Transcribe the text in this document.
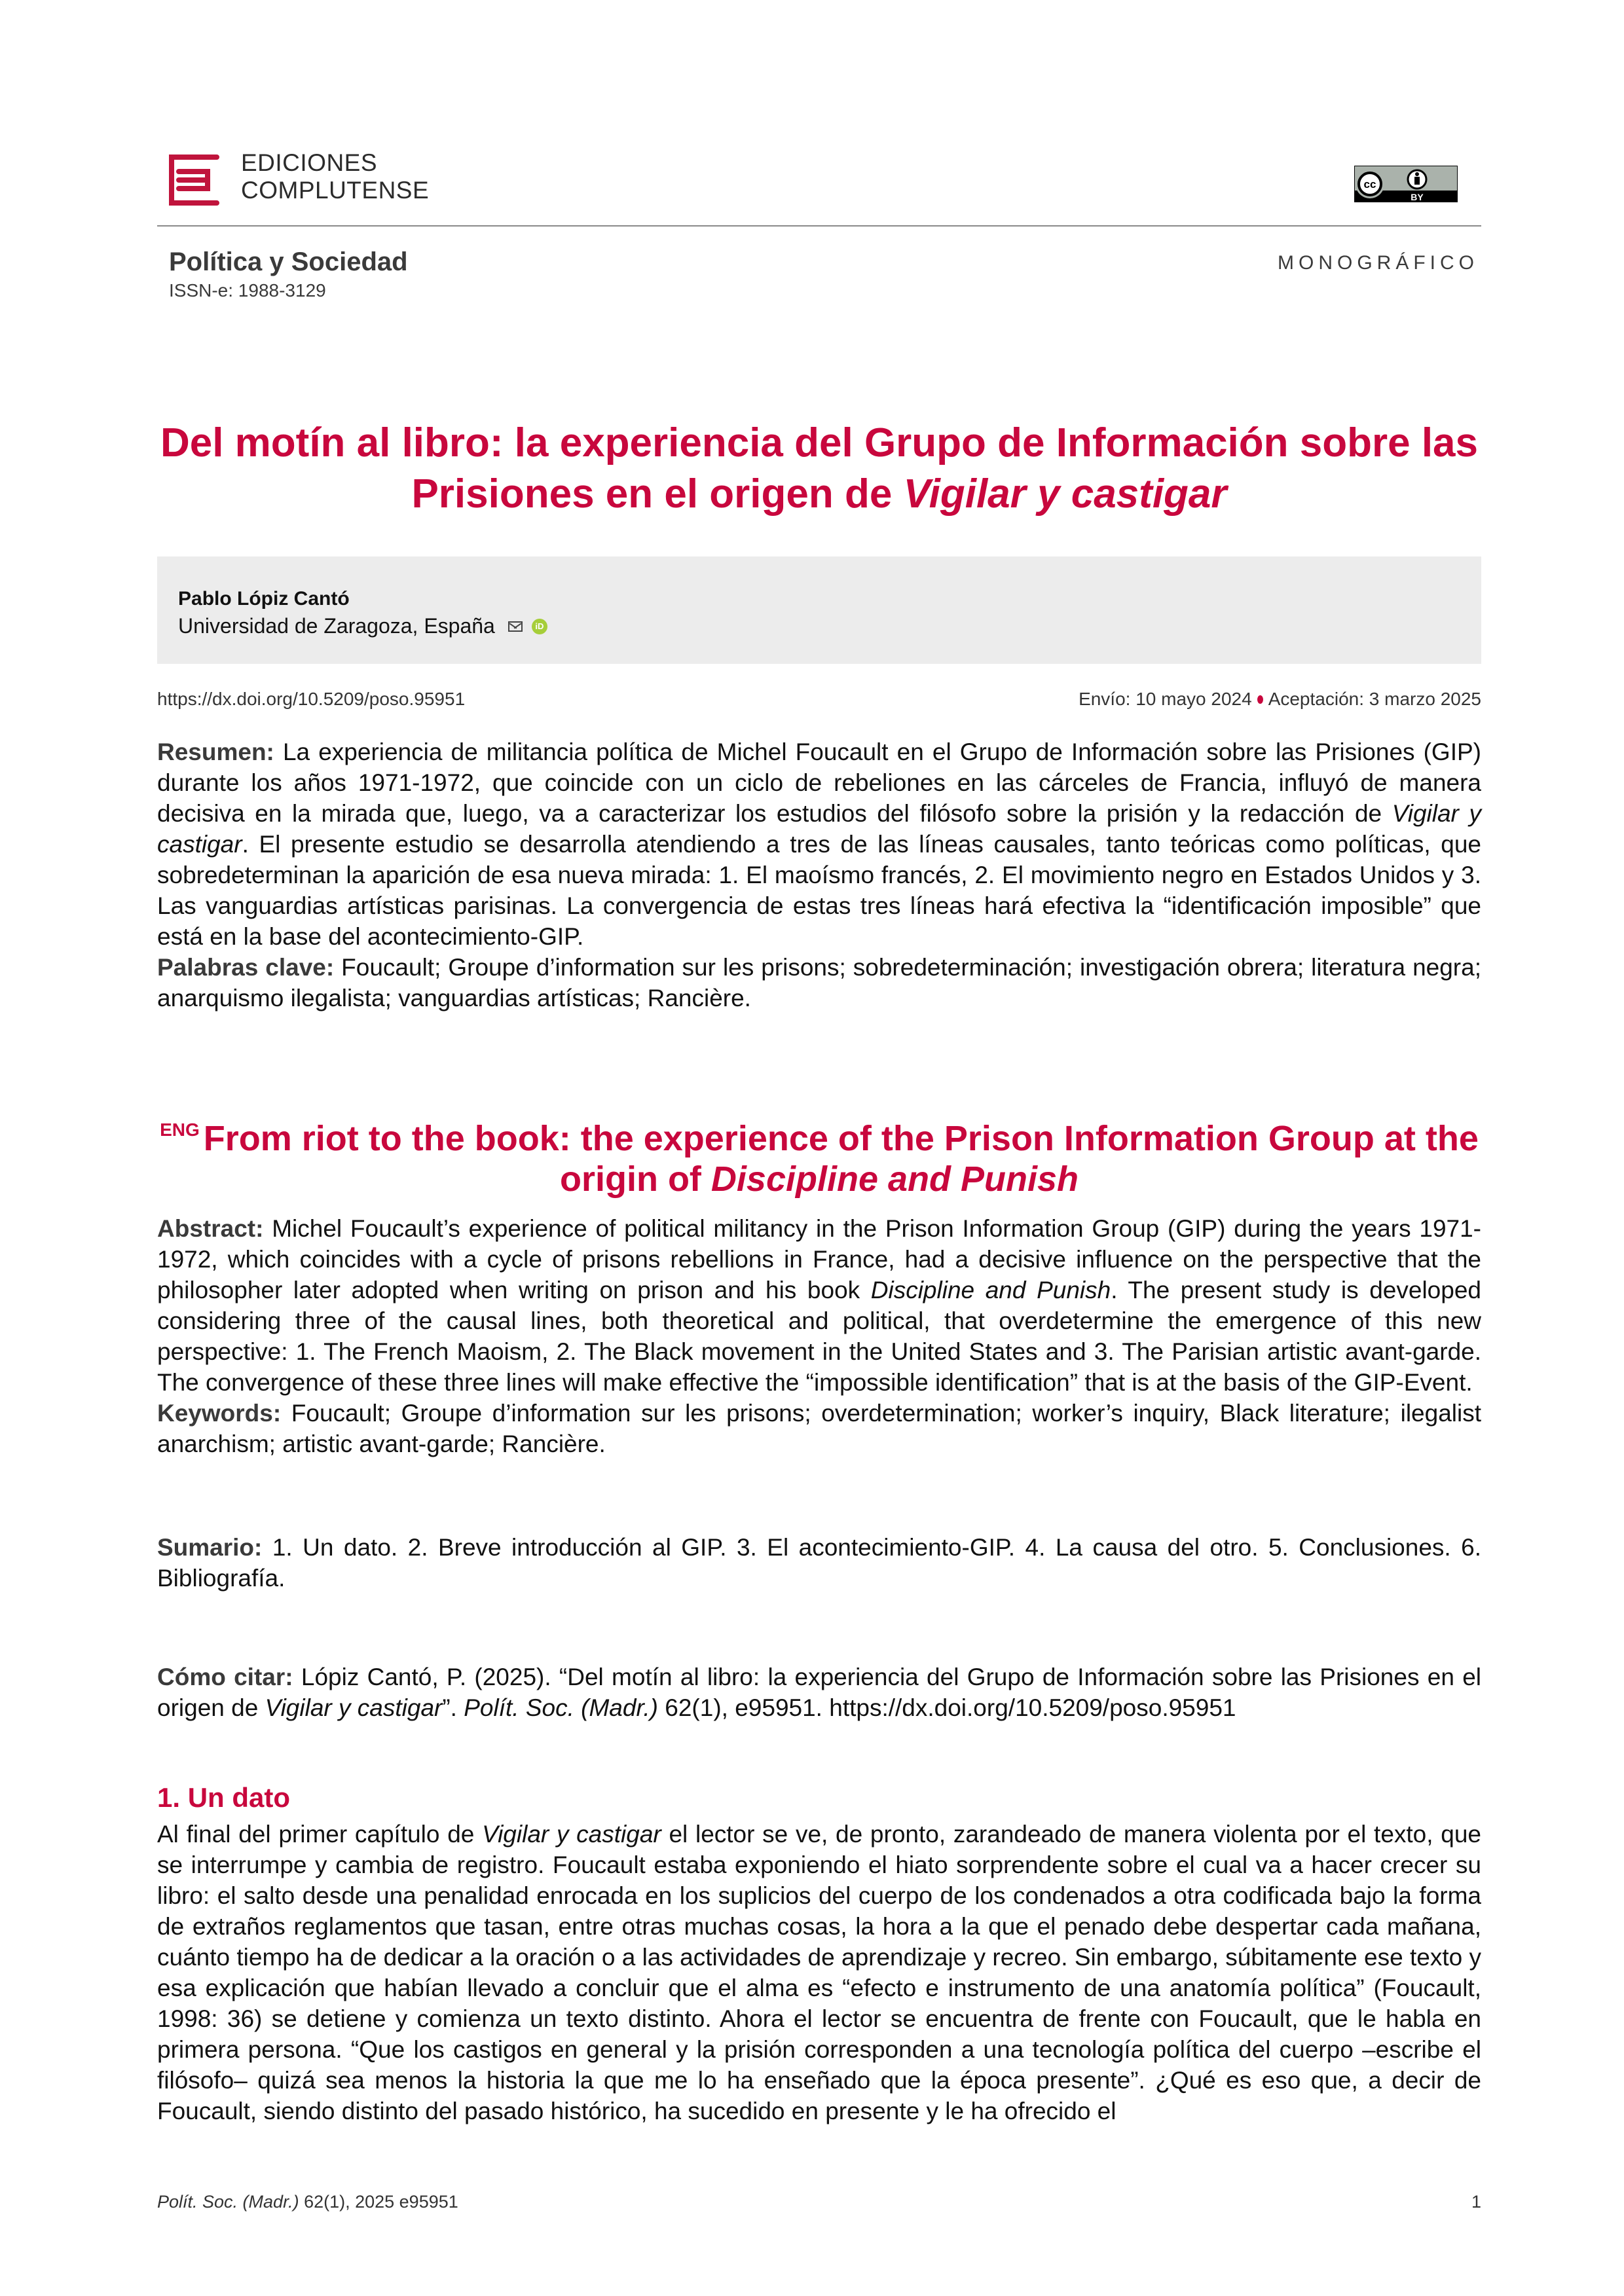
EDICIONES
COMPLUTENSE	cc
BY
Política y Sociedad
ISSN-e: 1988-3129
MONOGRÁFICO
Del motín al libro: la experiencia del Grupo de Información sobre las Prisiones en el origen de Vigilar y castigar
Pablo Lópiz Cantó
Universidad de Zaragoza, España	iD
https://dx.doi.org/10.5209/poso.95951	Envío: 10 mayo 2024 Aceptación: 3 marzo 2025
Resumen: La experiencia de militancia política de Michel Foucault en el Grupo de Información sobre las Prisiones (GIP) durante los años 1971-1972, que coincide con un ciclo de rebeliones en las cárceles de Francia, influyó de manera decisiva en la mirada que, luego, va a caracterizar los estudios del filósofo sobre la prisión y la redacción de Vigilar y castigar. El presente estudio se desarrolla atendiendo a tres de las líneas causales, tanto teóricas como políticas, que sobredeterminan la aparición de esa nueva mirada: 1. El maoísmo francés, 2. El movimiento negro en Estados Unidos y 3. Las vanguardias artísticas parisinas. La convergencia de estas tres líneas hará efectiva la “identificación imposible” que está en la base del acontecimiento-GIP.
Palabras clave: Foucault; Groupe d’information sur les prisons; sobredeterminación; investigación obrera; literatura negra; anarquismo ilegalista; vanguardias artísticas; Rancière.
$^{ENG}$ From riot to the book: the experience of the Prison Information Group at the origin of Discipline and Punish
Abstract: Michel Foucault’s experience of political militancy in the Prison Information Group (GIP) during the years 1971-1972, which coincides with a cycle of prisons rebellions in France, had a decisive influence on the perspective that the philosopher later adopted when writing on prison and his book Discipline and Punish. The present study is developed considering three of the causal lines, both theoretical and political, that overdetermine the emergence of this new perspective: 1. The French Maoism, 2. The Black movement in the United States and 3. The Parisian artistic avant-garde. The convergence of these three lines will make effective the “impossible identification” that is at the basis of the GIP-Event.
Keywords: Foucault; Groupe d’information sur les prisons; overdetermination; worker’s inquiry, Black literature; ilegalist anarchism; artistic avant-garde; Rancière.
Sumario: 1. Un dato. 2. Breve introducción al GIP. 3. El acontecimiento-GIP. 4. La causa del otro. 5. Conclusiones. 6. Bibliografía.
Cómo citar: Lópiz Cantó, P. (2025). “Del motín al libro: la experiencia del Grupo de Información sobre las Prisiones en el origen de Vigilar y castigar”. Polít. Soc. (Madr.) 62(1), e95951. https://dx.doi.org/10.5209/poso.95951
1. Un dato
Al final del primer capítulo de Vigilar y castigar el lector se ve, de pronto, zarandeado de manera violenta por el texto, que se interrumpe y cambia de registro. Foucault estaba exponiendo el hiato sorprendente sobre el cual va a hacer crecer su libro: el salto desde una penalidad enrocada en los suplicios del cuerpo de los condenados a otra codificada bajo la forma de extraños reglamentos que tasan, entre otras muchas cosas, la hora a la que el penado debe despertar cada mañana, cuánto tiempo ha de dedicar a la oración o a las actividades de aprendizaje y recreo. Sin embargo, súbitamente ese texto y esa explicación que habían llevado a concluir que el alma es “efecto e instrumento de una anatomía política” (Foucault, 1998: 36) se detiene y comienza un texto distinto. Ahora el lector se encuentra de frente con Foucault, que le habla en primera persona. “Que los castigos en general y la prisión corresponden a una tecnología política del cuerpo –escribe el filósofo– quizá sea menos la historia la que me lo ha enseñado que la época presente”. ¿Qué es eso que, a decir de Foucault, siendo distinto del pasado histórico, ha sucedido en presente y le ha ofrecido el
Polít. Soc. (Madr.) 62(1), 2025 e95951	1
